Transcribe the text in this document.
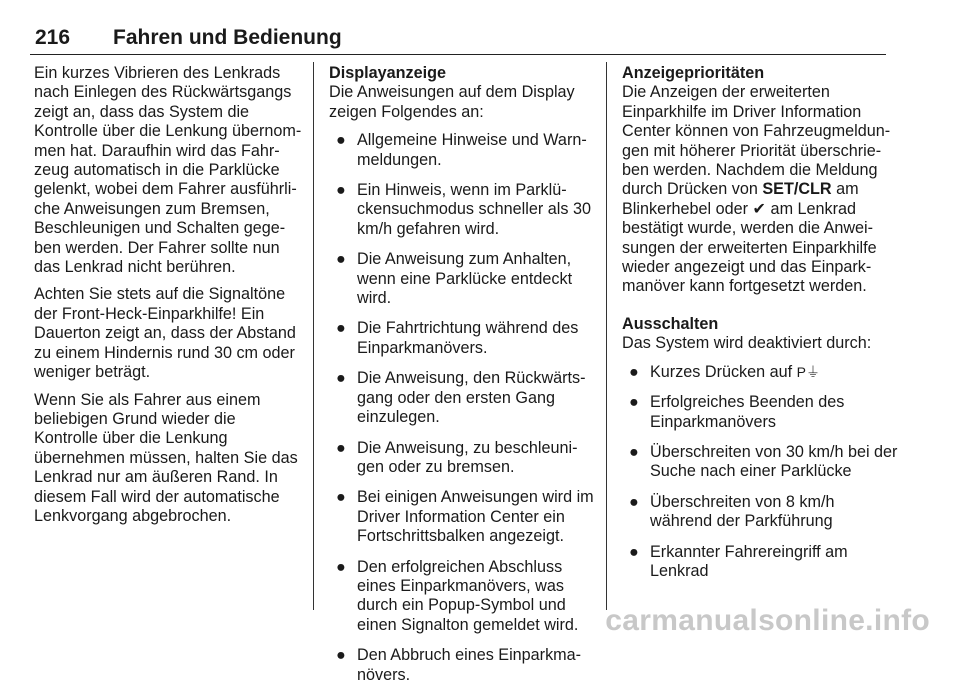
216 Fahren und Bedienung

Ein kurzes Vibrieren des Lenkrads nach Einlegen des Rückwärtsgangs zeigt an, dass das System die Kontrolle über die Lenkung übernommen hat. Daraufhin wird das Fahrzeug automatisch in die Parklücke gelenkt, wobei dem Fahrer ausführliche Anweisungen zum Bremsen, Beschleunigen und Schalten gegeben werden. Der Fahrer sollte nun das Lenkrad nicht berühren.

Achten Sie stets auf die Signaltöne der Front-Heck-Einparkhilfe! Ein Dauerton zeigt an, dass der Abstand zu einem Hindernis rund 30 cm oder weniger beträgt.

Wenn Sie als Fahrer aus einem beliebigen Grund wieder die Kontrolle über die Lenkung übernehmen müssen, halten Sie das Lenkrad nur am äußeren Rand. In diesem Fall wird der automatische Lenkvorgang abgebrochen.

Displayanzeige
Die Anweisungen auf dem Display zeigen Folgendes an:
● Allgemeine Hinweise und Warnmeldungen.
● Ein Hinweis, wenn im Parklückensuchmodus schneller als 30 km/h gefahren wird.
● Die Anweisung zum Anhalten, wenn eine Parklücke entdeckt wird.
● Die Fahrtrichtung während des Einparkmanövers.
● Die Anweisung, den Rückwärtsgang oder den ersten Gang einzulegen.
● Die Anweisung, zu beschleunigen oder zu bremsen.
● Bei einigen Anweisungen wird im Driver Information Center ein Fortschrittsbalken angezeigt.
● Den erfolgreichen Abschluss eines Einparkmanövers, was durch ein Popup-Symbol und einen Signalton gemeldet wird.
● Den Abbruch eines Einparkmanövers.
Anzeigeprioritäten

Die Anzeigen der erweiterten Einparkhilfe im Driver Information Center können von Fahrzeugmeldungen mit höherer Priorität überschrieben werden. Nachdem die Meldung durch Drücken von SET/CLR am Blinkerhebel oder ✔ am Lenkrad bestätigt wurde, werden die Anweisungen der erweiterten Einparkhilfe wieder angezeigt und das Einparkmanöver kann fortgesetzt werden.

Ausschalten
Das System wird deaktiviert durch:
● Kurzes Drücken auf P⏚
● Erfolgreiches Beenden des Einparkmanövers
● Überschreiten von 30 km/h bei der Suche nach einer Parklücke
● Überschreiten von 8 km/h während der Parkführung
● Erkannter Fahrereingriff am Lenkrad
carmanualsonline.info
